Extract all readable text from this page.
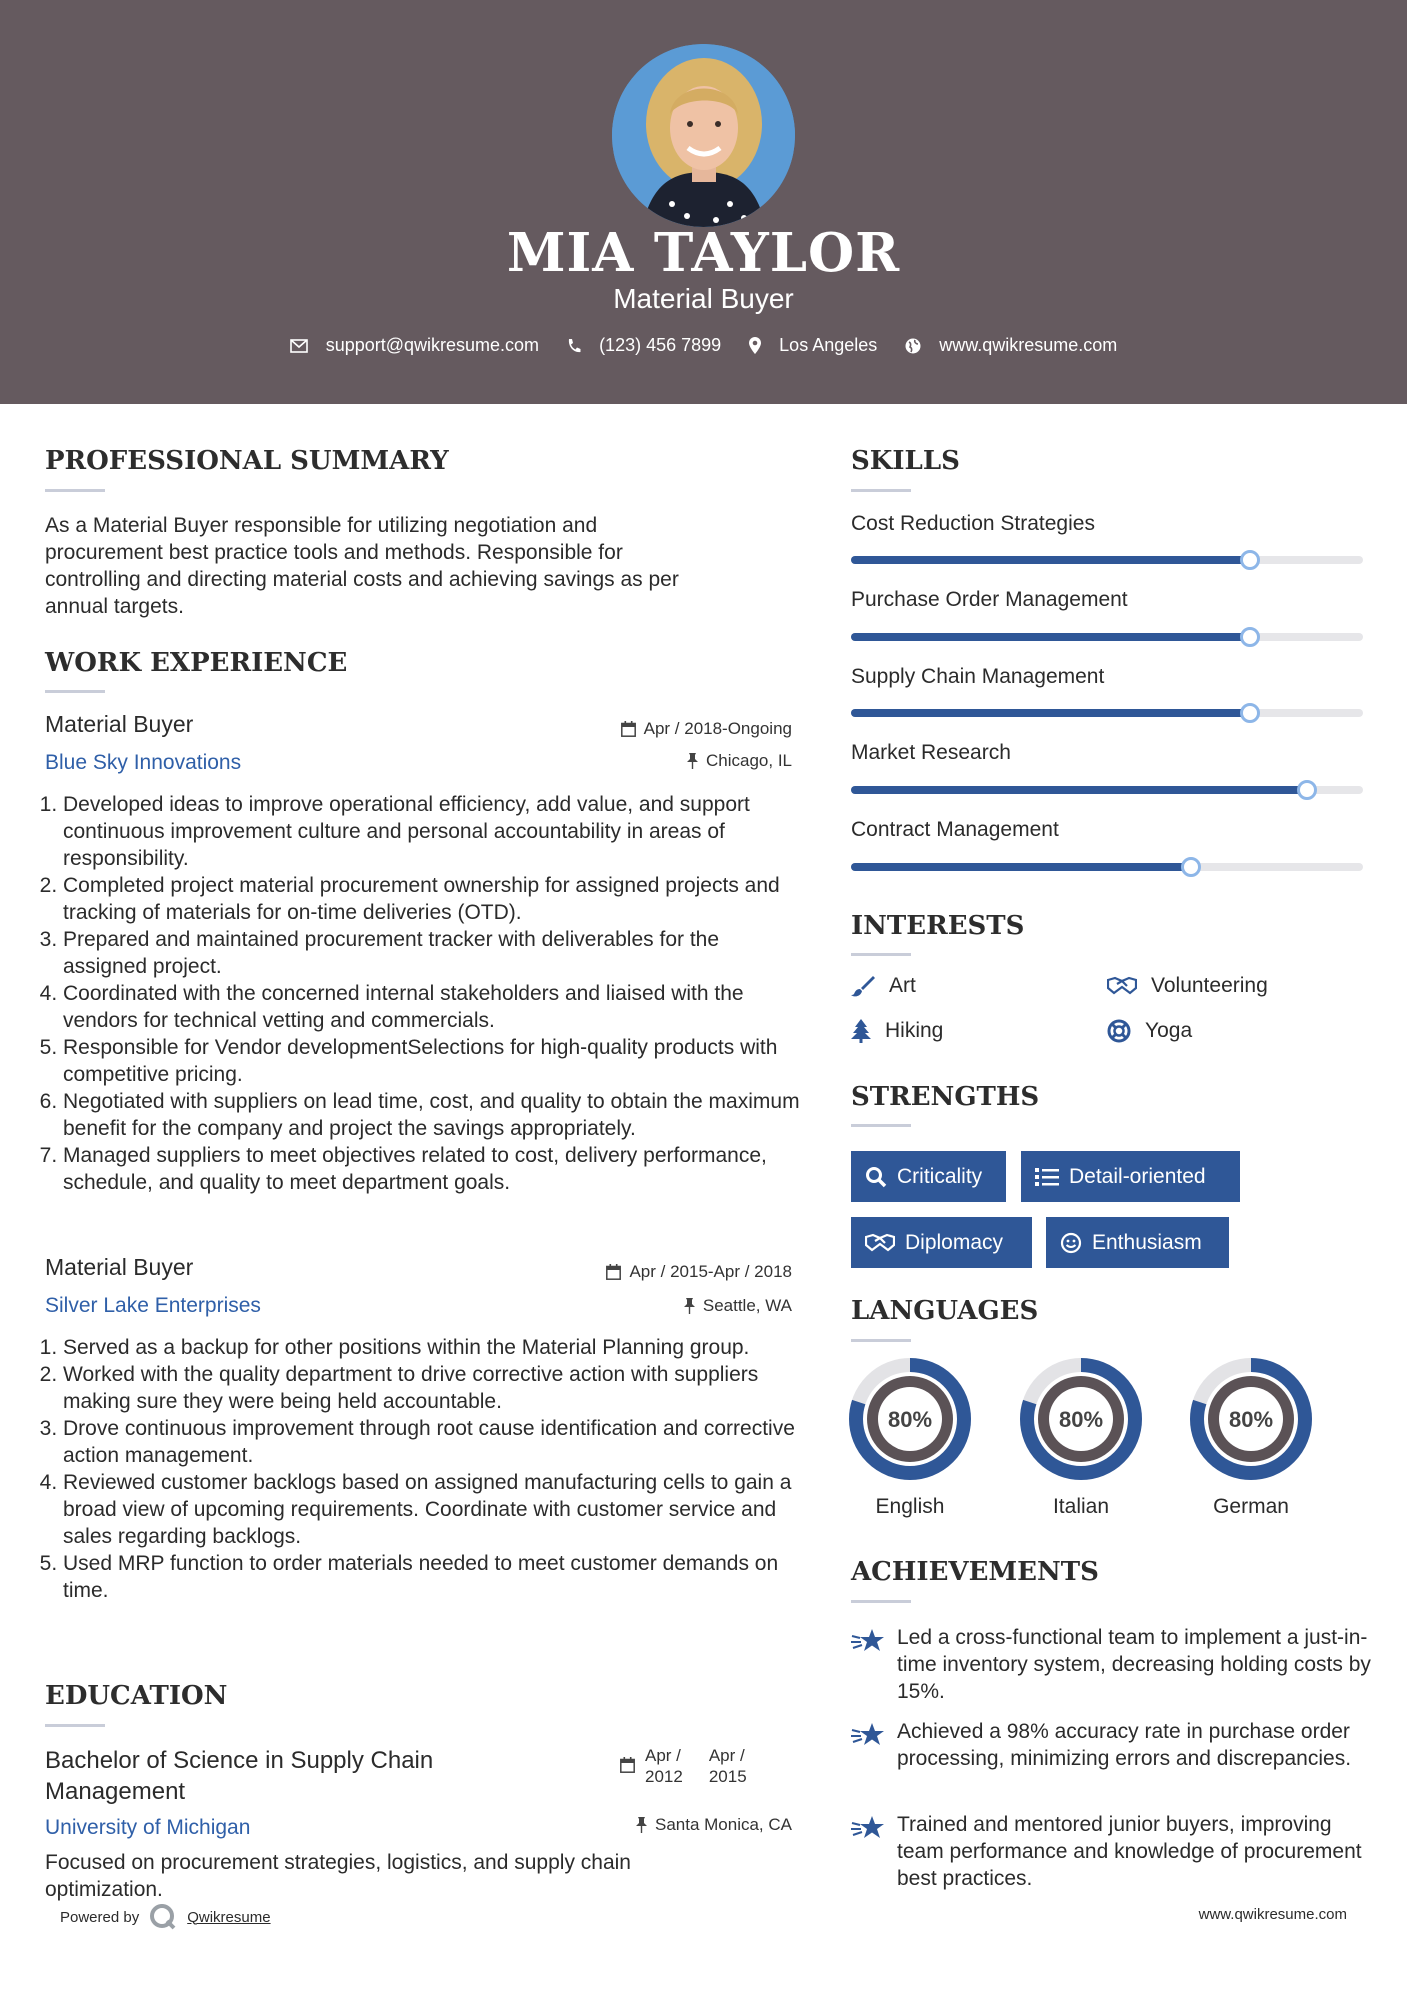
MIA TAYLOR
Material Buyer
support@qwikresume.com	(123) 456 7899	Los Angeles	www.qwikresume.com
PROFESSIONAL SUMMARY
As a Material Buyer responsible for utilizing negotiation and
procurement best practice tools and methods. Responsible for
controlling and directing material costs and achieving savings as per
annual targets.
WORK EXPERIENCE
Material Buyer
Blue Sky Innovations
Apr / 2018-Ongoing
Chicago, IL
1. Developed ideas to improve operational efficiency, add value, and support continuous improvement culture and personal accountability in areas of responsibility.
2. Completed project material procurement ownership for assigned projects and tracking of materials for on-time deliveries (OTD).
3. Prepared and maintained procurement tracker with deliverables for the assigned project.
4. Coordinated with the concerned internal stakeholders and liaised with the vendors for technical vetting and commercials.
5. Responsible for Vendor developmentSelections for high-quality products with competitive pricing.
6. Negotiated with suppliers on lead time, cost, and quality to obtain the maximum benefit for the company and project the savings appropriately.
7. Managed suppliers to meet objectives related to cost, delivery performance, schedule, and quality to meet department goals.
Material Buyer
Silver Lake Enterprises
Apr / 2015-Apr / 2018
Seattle, WA
1. Served as a backup for other positions within the Material Planning group.
2. Worked with the quality department to drive corrective action with suppliers making sure they were being held accountable.
3. Drove continuous improvement through root cause identification and corrective action management.
4. Reviewed customer backlogs based on assigned manufacturing cells to gain a broad view of upcoming requirements. Coordinate with customer service and sales regarding backlogs.
5. Used MRP function to order materials needed to meet customer demands on time.
EDUCATION
Bachelor of Science in Supply Chain
Management
University of Michigan
Apr /
2012
Apr /
2015
Santa Monica, CA
Focused on procurement strategies, logistics, and supply chain
optimization.
SKILLS
Cost Reduction Strategies
Purchase Order Management
Supply Chain Management
Market Research
Contract Management
INTERESTS
Art	Volunteering
Hiking	Yoga
STRENGTHS
Criticality	Detail-oriented
Diplomacy	Enthusiasm
LANGUAGES
80%
English
80%
Italian
80%
German
ACHIEVEMENTS
Led a cross-functional team to implement a just-in-time inventory system, decreasing holding costs by 15%.
Achieved a 98% accuracy rate in purchase order processing, minimizing errors and discrepancies.
Trained and mentored junior buyers, improving team performance and knowledge of procurement best practices.
Powered by	Qwikresume	www.qwikresume.com
